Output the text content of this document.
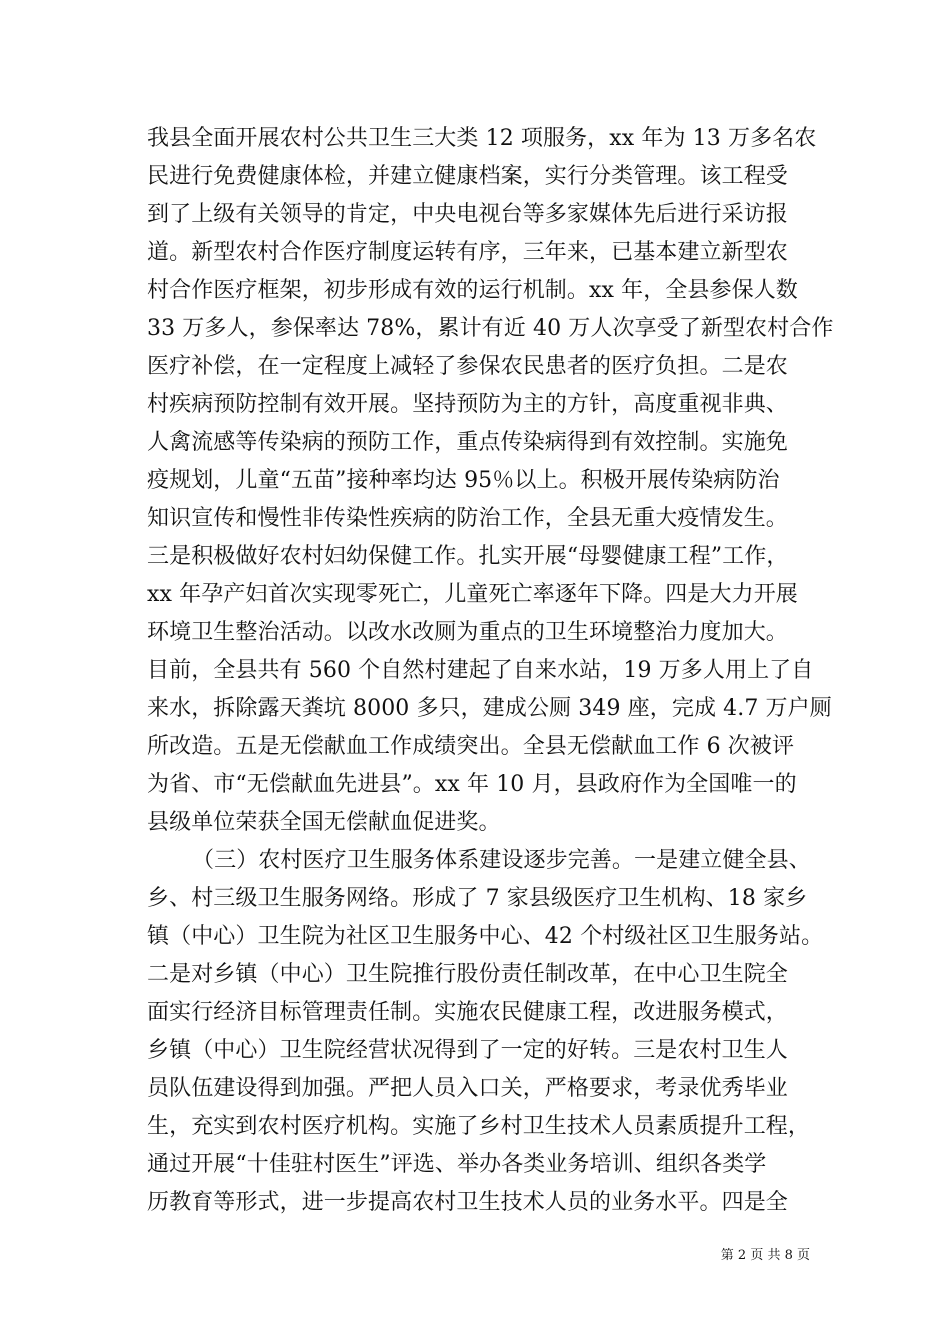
我县全面开展农村公共卫生三大类 12 项服务，xx 年为 13 万多名农
民进行免费健康体检，并建立健康档案，实行分类管理。该工程受
到了上级有关领导的肯定，中央电视台等多家媒体先后进行采访报
道。新型农村合作医疗制度运转有序，三年来，已基本建立新型农
村合作医疗框架，初步形成有效的运行机制。xx 年，全县参保人数
33 万多人，参保率达 78%，累计有近 40 万人次享受了新型农村合作
医疗补偿，在一定程度上减轻了参保农民患者的医疗负担。二是农
村疾病预防控制有效开展。坚持预防为主的方针，高度重视非典、
人禽流感等传染病的预防工作，重点传染病得到有效控制。实施免
疫规划，儿童“五苗”接种率均达 95％以上。积极开展传染病防治
知识宣传和慢性非传染性疾病的防治工作，全县无重大疫情发生。
三是积极做好农村妇幼保健工作。扎实开展“母婴健康工程”工作，
xx 年孕产妇首次实现零死亡，儿童死亡率逐年下降。四是大力开展
环境卫生整治活动。以改水改厕为重点的卫生环境整治力度加大。
目前，全县共有 560 个自然村建起了自来水站，19 万多人用上了自
来水，拆除露天粪坑 8000 多只，建成公厕 349 座，完成 4.7 万户厕
所改造。五是无偿献血工作成绩突出。全县无偿献血工作 6 次被评
为省、市“无偿献血先进县”。xx 年 10 月，县政府作为全国唯一的
县级单位荣获全国无偿献血促进奖。
（三）农村医疗卫生服务体系建设逐步完善。一是建立健全县、
乡、村三级卫生服务网络。形成了 7 家县级医疗卫生机构、18 家乡
镇（中心）卫生院为社区卫生服务中心、42 个村级社区卫生服务站。
二是对乡镇（中心）卫生院推行股份责任制改革，在中心卫生院全
面实行经济目标管理责任制。实施农民健康工程，改进服务模式，
乡镇（中心）卫生院经营状况得到了一定的好转。三是农村卫生人
员队伍建设得到加强。严把人员入口关，严格要求，考录优秀毕业
生，充实到农村医疗机构。实施了乡村卫生技术人员素质提升工程，
通过开展“十佳驻村医生”评选、举办各类业务培训、组织各类学
历教育等形式，进一步提高农村卫生技术人员的业务水平。四是全
第 2 页 共 8 页
